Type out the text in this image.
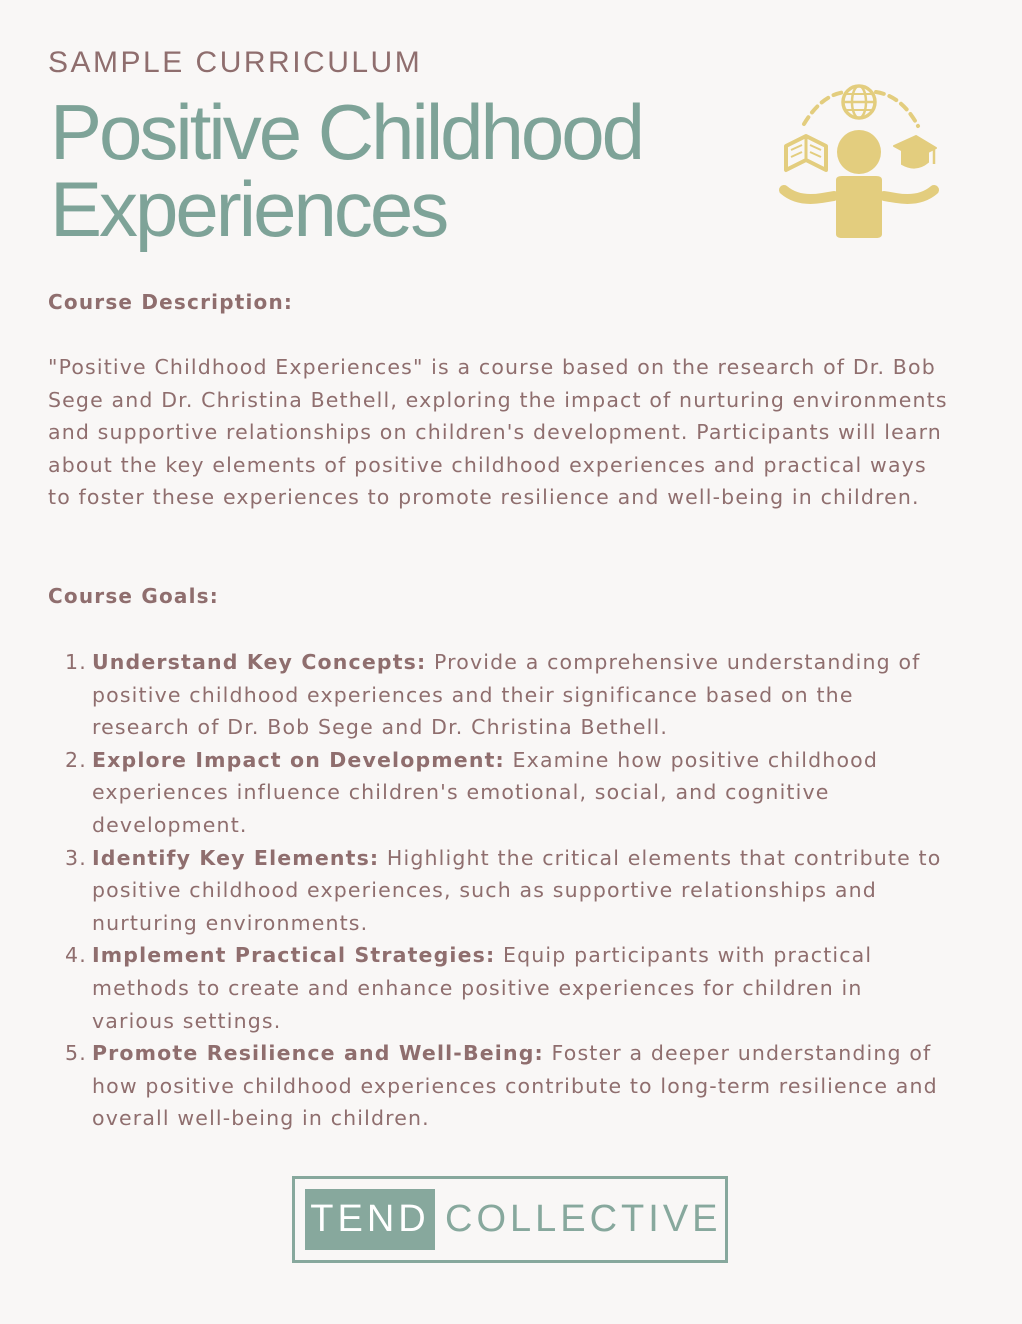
SAMPLE CURRICULUM
Positive Childhood
Experiences
Course Description:

"Positive Childhood Experiences" is a course based on the research of Dr. Bob Sege and Dr. Christina Bethell, exploring the impact of nurturing environments and supportive relationships on children's development. Participants will learn about the key elements of positive childhood experiences and practical ways to foster these experiences to promote resilience and well-being in children.

Course Goals:
1. Understand Key Concepts: Provide a comprehensive understanding of positive childhood experiences and their significance based on the research of Dr. Bob Sege and Dr. Christina Bethell.
2. Explore Impact on Development: Examine how positive childhood experiences influence children's emotional, social, and cognitive development.
3. Identify Key Elements: Highlight the critical elements that contribute to positive childhood experiences, such as supportive relationships and nurturing environments.
4. Implement Practical Strategies: Equip participants with practical methods to create and enhance positive experiences for children in various settings.
5. Promote Resilience and Well-Being: Foster a deeper understanding of how positive childhood experiences contribute to long-term resilience and overall well-being in children.
TEND COLLECTIVE
